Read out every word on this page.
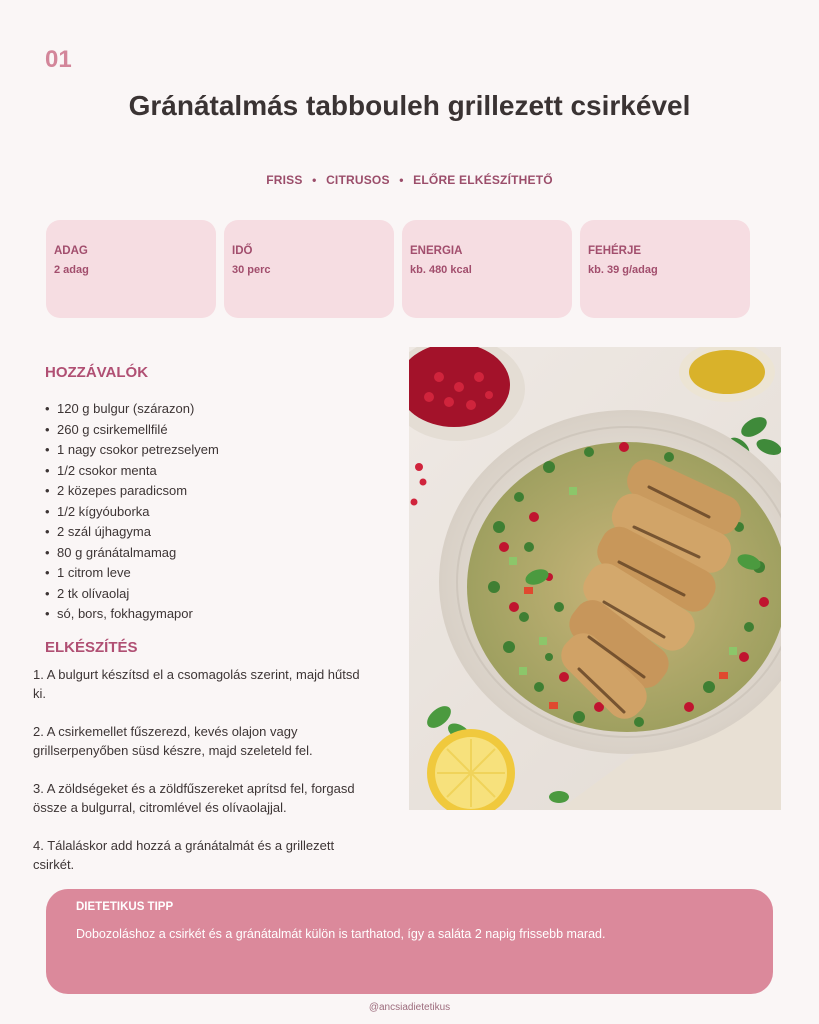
01
Gránátalmás tabbouleh grillezett csirkével
FRISS • CITRUSOS • ELŐRE ELKÉSZÍTHETŐ
ADAG
2 adag
IDŐ
30 perc
ENERGIA
kb. 480 kcal
FEHÉRJE
kb. 39 g/adag
HOZZÁVALÓK
• 120 g bulgur (szárazon)
• 260 g csirkemellfilé
• 1 nagy csokor petrezselyem
• 1/2 csokor menta
• 2 közepes paradicsom
• 1/2 kígyóuborka
• 2 szál újhagyma
• 80 g gránátalmamag
• 1 citrom leve
• 2 tk olívaolaj
• só, bors, fokhagymapor
ELKÉSZÍTÉS

1. A bulgurt készítsd el a csomagolás szerint, majd hűtsd ki.

2. A csirkemellet fűszerezd, kevés olajon vagy grillserpenyőben süsd készre, majd szeleteld fel.

3. A zöldségeket és a zöldfűszereket aprítsd fel, forgasd össze a bulgurral, citromlével és olívaolajjal.

4. Tálaláskor add hozzá a gránátalmát és a grillezett csirkét.

DIETETIKUS TIPP
Dobozoláshoz a csirkét és a gránátalmát külön is tarthatod, így a saláta 2 napig frissebb marad.
@ancsiadietetikus
